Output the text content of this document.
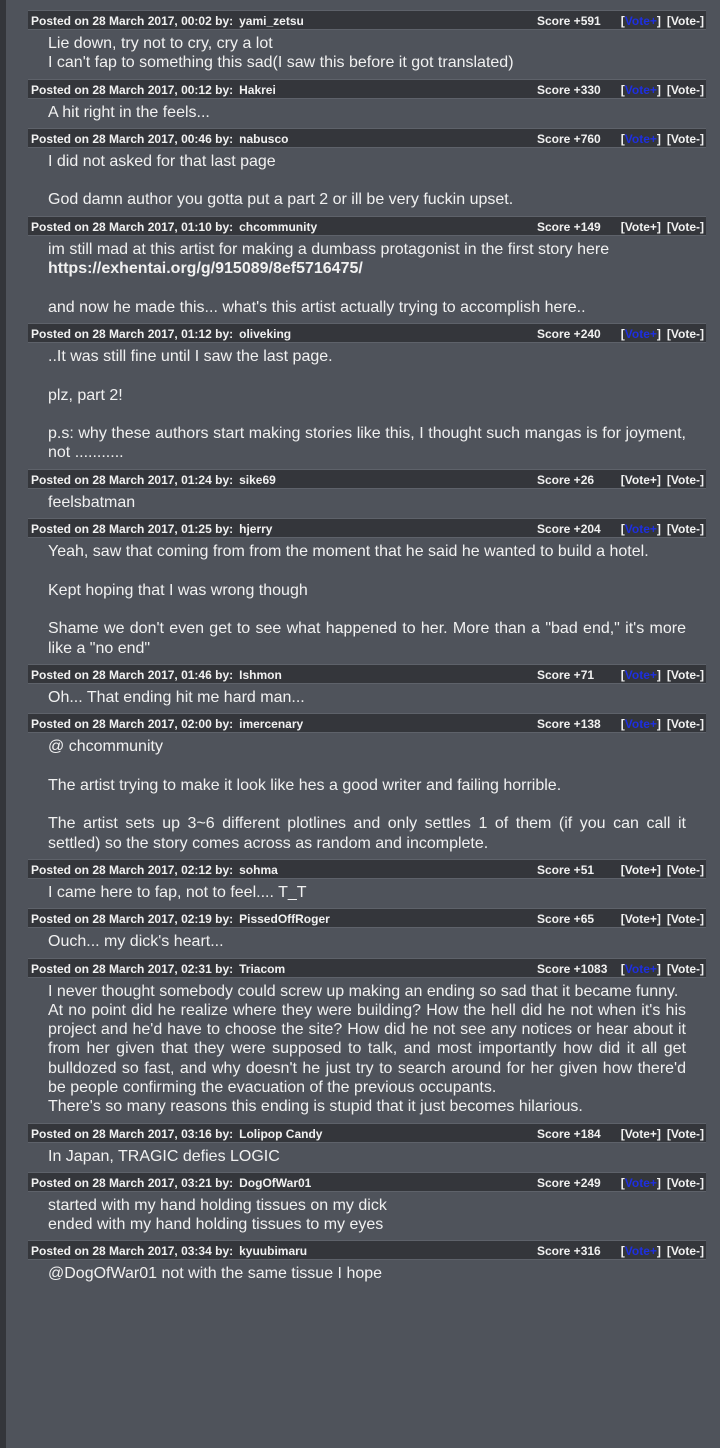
Posted on 28 March 2017, 00:02 by: yami_zetsu	Score +591 [Vote+] [Vote-]

Lie down, try not to cry, cry a lot

I can't fap to something this sad(I saw this before it got translated)

Posted on 28 March 2017, 00:12 by: Hakrei	Score +330 [Vote+] [Vote-]

A hit right in the feels...

Posted on 28 March 2017, 00:46 by: nabusco	Score +760 [Vote+] [Vote-]

I did not asked for that last page

God damn author you gotta put a part 2 or ill be very fuckin upset.

Posted on 28 March 2017, 01:10 by: chcommunity	Score +149 [Vote+] [Vote-]

im still mad at this artist for making a dumbass protagonist in the first story here

https://exhentai.org/g/915089/8ef5716475/

and now he made this... what's this artist actually trying to accomplish here..

Posted on 28 March 2017, 01:12 by: oliveking	Score +240 [Vote+] [Vote-]

..It was still fine until I saw the last page.

plz, part 2!

p.s: why these authors start making stories like this, I thought such mangas is for joyment, not ...........

Posted on 28 March 2017, 01:24 by: sike69	Score +26 [Vote+] [Vote-]

feelsbatman

Posted on 28 March 2017, 01:25 by: hjerry	Score +204 [Vote+] [Vote-]

Yeah, saw that coming from from the moment that he said he wanted to build a hotel.

Kept hoping that I was wrong though

Shame we don't even get to see what happened to her. More than a "bad end," it's more like a "no end"

Posted on 28 March 2017, 01:46 by: Ishmon	Score +71 [Vote+] [Vote-]

Oh... That ending hit me hard man...

Posted on 28 March 2017, 02:00 by: imercenary	Score +138 [Vote+] [Vote-]

@ chcommunity

The artist trying to make it look like hes a good writer and failing horrible.

The artist sets up 3~6 different plotlines and only settles 1 of them (if you can call it settled) so the story comes across as random and incomplete.

Posted on 28 March 2017, 02:12 by: sohma	Score +51 [Vote+] [Vote-]

I came here to fap, not to feel.... T_T

Posted on 28 March 2017, 02:19 by: PissedOffRoger	Score +65 [Vote+] [Vote-]

Ouch... my dick's heart...

Posted on 28 March 2017, 02:31 by: Triacom	Score +1083 [Vote+] [Vote-]

I never thought somebody could screw up making an ending so sad that it became funny.

At no point did he realize where they were building? How the hell did he not when it's his project and he'd have to choose the site? How did he not see any notices or hear about it from her given that they were supposed to talk, and most importantly how did it all get bulldozed so fast, and why doesn't he just try to search around for her given how there'd be people confirming the evacuation of the previous occupants.

There's so many reasons this ending is stupid that it just becomes hilarious.

Posted on 28 March 2017, 03:16 by: Lolipop Candy	Score +184 [Vote+] [Vote-]

In Japan, TRAGIC defies LOGIC

Posted on 28 March 2017, 03:21 by: DogOfWar01	Score +249 [Vote+] [Vote-]

started with my hand holding tissues on my dick

ended with my hand holding tissues to my eyes

Posted on 28 March 2017, 03:34 by: kyuubimaru	Score +316 [Vote+] [Vote-]

@DogOfWar01 not with the same tissue I hope
